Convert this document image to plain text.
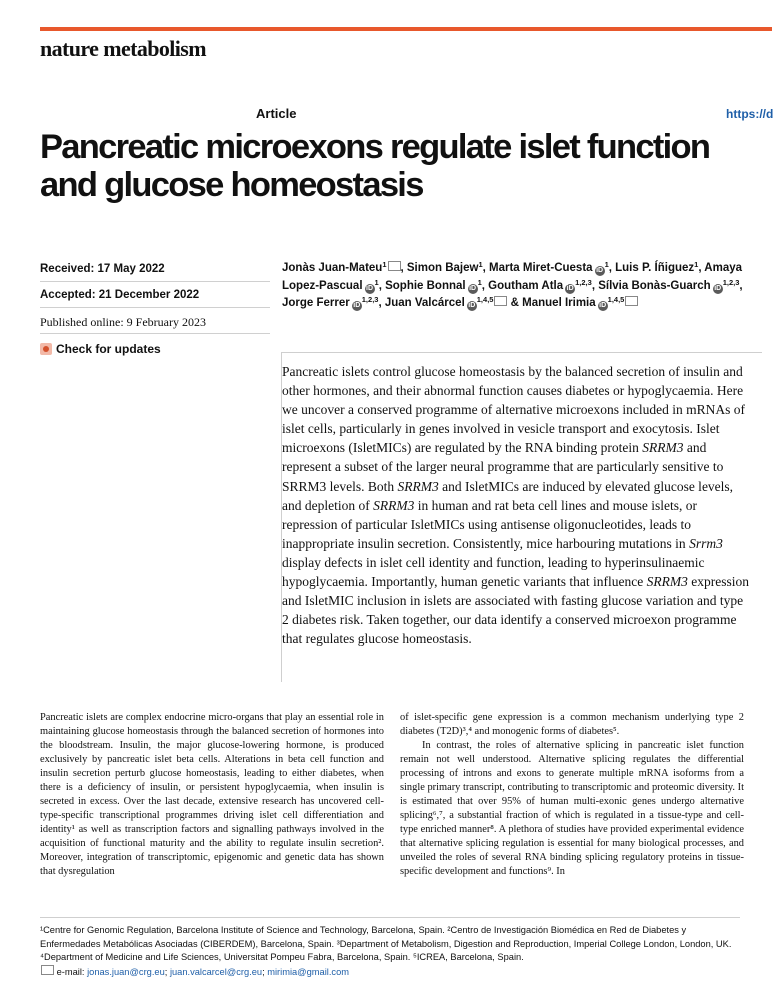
nature metabolism
Article	https://d
Pancreatic microexons regulate islet function and glucose homeostasis
Received: 17 May 2022
Accepted: 21 December 2022
Published online: 9 February 2023
Check for updates
Jonàs Juan-Mateu$^1$ , Simon Bajew$^1$, Marta Miret-Cuesta $iD^1$, Luis P. Íñiguez$^1$, Amaya Lopez-Pascual $iD^1$, Sophie Bonnal $iD^1$, Goutham Atla iD$^{1,2,3}$, Sílvia Bonàs-Guarch iD$^{1,2,3}$, Jorge Ferrer iD$^{1,2,3}$, Juan Valcárcel iD$^{1,4,5}$ & Manuel Irimia iD$^{1,4,5}$

Pancreatic islets control glucose homeostasis by the balanced secretion of insulin and other hormones, and their abnormal function causes diabetes or hypoglycaemia. Here we uncover a conserved programme of alternative microexons included in mRNAs of islet cells, particularly in genes involved in vesicle transport and exocytosis. Islet microexons (IsletMICs) are regulated by the RNA binding protein SRRM3 and represent a subset of the larger neural programme that are particularly sensitive to SRRM3 levels. Both SRRM3 and IsletMICs are induced by elevated glucose levels, and depletion of SRRM3 in human and rat beta cell lines and mouse islets, or repression of particular IsletMICs using antisense oligonucleotides, leads to inappropriate insulin secretion. Consistently, mice harbouring mutations in Srrm3 display defects in islet cell identity and function, leading to hyperinsulinaemic hypoglycaemia. Importantly, human genetic variants that influence SRRM3 expression and IsletMIC inclusion in islets are associated with fasting glucose variation and type 2 diabetes risk. Taken together, our data identify a conserved microexon programme that regulates glucose homeostasis.

Pancreatic islets are complex endocrine micro-organs that play an essential role in maintaining glucose homeostasis through the balanced secretion of hormones into the bloodstream. Insulin, the major glucose-lowering hormone, is produced exclusively by pancreatic islet beta cells. Alterations in beta cell function and insulin secretion perturb glucose homeostasis, leading to either diabetes, when there is a deficiency of insulin, or persistent hypoglycaemia, when insulin is secreted in excess. Over the last decade, extensive research has uncovered cell-type-specific transcriptional programmes driving islet cell differentiation and identity¹ as well as transcription factors and signalling pathways involved in the acquisition of functional maturity and the ability to regulate insulin secretion². Moreover, integration of transcriptomic, epigenomic and genetic data has shown that dysregulation

of islet-specific gene expression is a common mechanism underlying type 2 diabetes (T2D)³,⁴ and monogenic forms of diabetes⁵.

In contrast, the roles of alternative splicing in pancreatic islet function remain not well understood. Alternative splicing regulates the differential processing of introns and exons to generate multiple mRNA isoforms from a single primary transcript, contributing to transcriptomic and proteomic diversity. It is estimated that over 95% of human multi-exonic genes undergo alternative splicing⁶,⁷, a substantial fraction of which is regulated in a tissue-type and cell-type enriched manner⁸. A plethora of studies have provided experimental evidence that alternative splicing regulation is essential for many biological processes, and unveiled the roles of several RNA binding splicing regulatory proteins in tissue-specific development and functions⁹. In

¹Centre for Genomic Regulation, Barcelona Institute of Science and Technology, Barcelona, Spain. ²Centro de Investigación Biomédica en Red de Diabetes y Enfermedades Metabólicas Asociadas (CIBERDEM), Barcelona, Spain. ³Department of Metabolism, Digestion and Reproduction, Imperial College London, London, UK. ⁴Department of Medicine and Life Sciences, Universitat Pompeu Fabra, Barcelona, Spain. ⁵ICREA, Barcelona, Spain.
e-mail: jonas.juan@crg.eu; juan.valcarcel@crg.eu; mirimia@gmail.com
